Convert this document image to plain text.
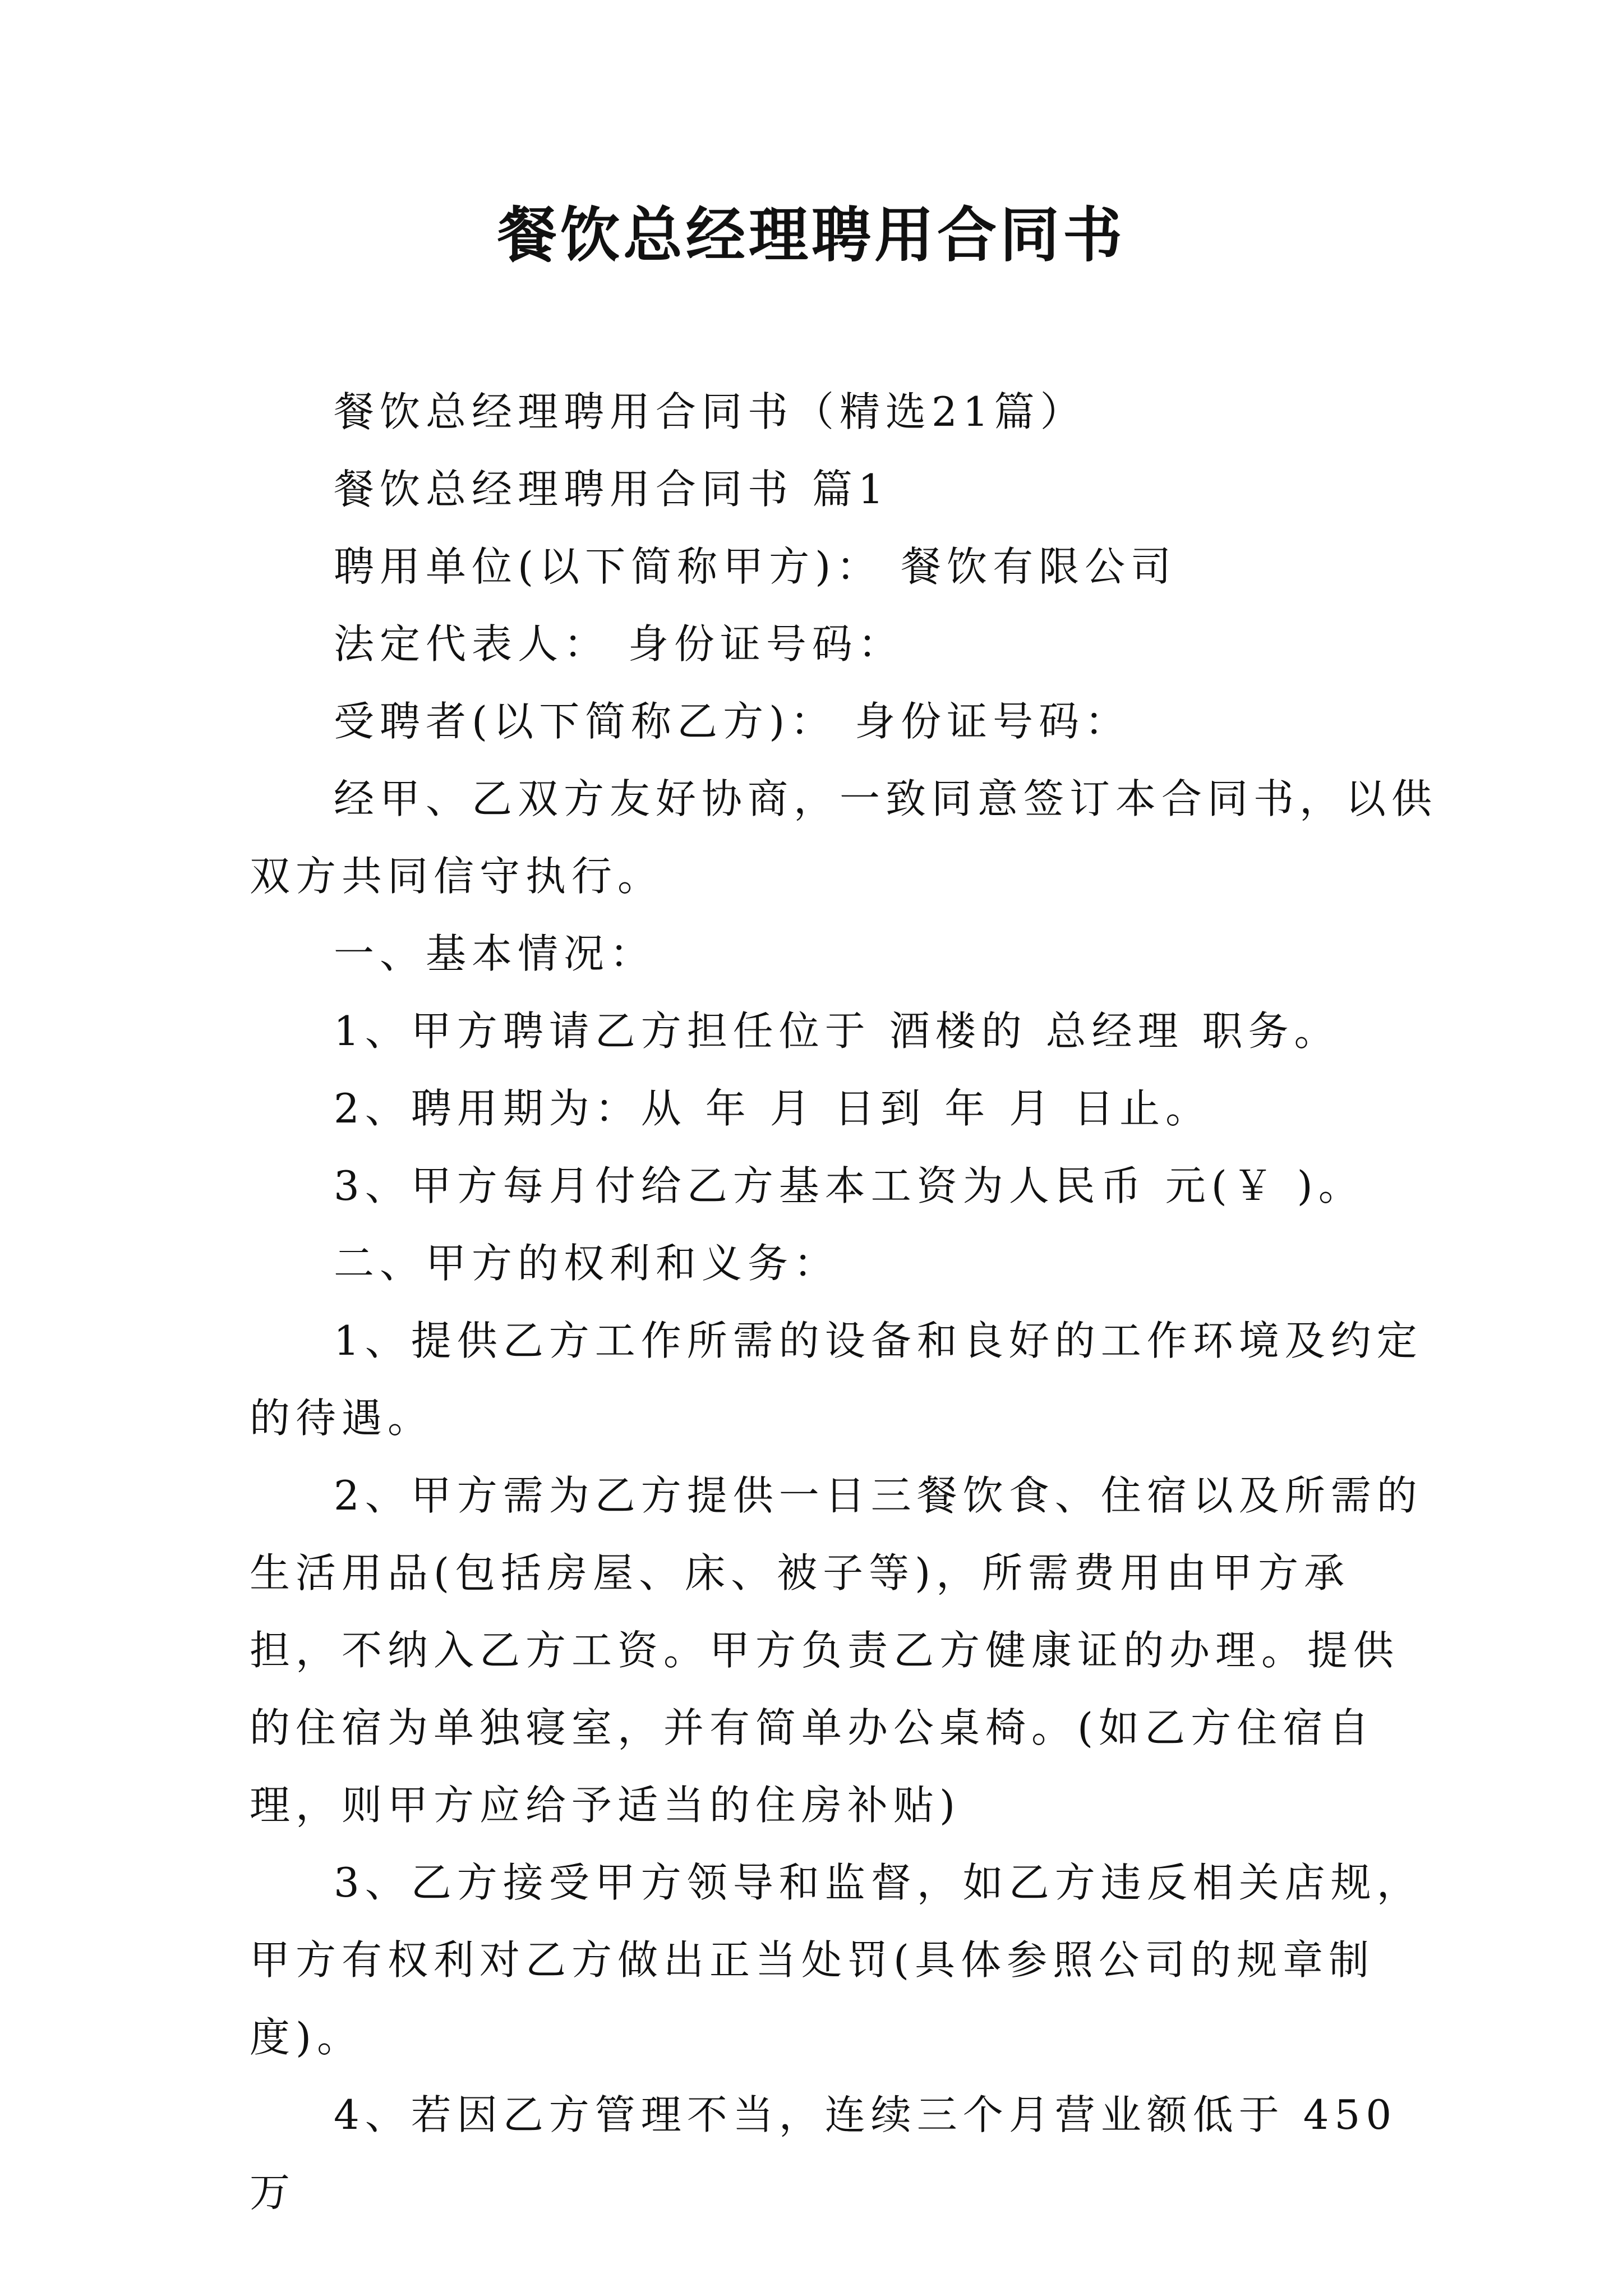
餐饮总经理聘用合同书

餐饮总经理聘用合同书（精选21篇）

餐饮总经理聘用合同书 篇1

聘用单位(以下简称甲方)： 餐饮有限公司

法定代表人： 身份证号码：

受聘者(以下简称乙方)： 身份证号码：

经甲、乙双方友好协商，一致同意签订本合同书，以供双方共同信守执行。

一、基本情况：

1、甲方聘请乙方担任位于 酒楼的 总经理 职务。

2、聘用期为：从 年 月 日到 年 月 日止。

3、甲方每月付给乙方基本工资为人民币 元(￥ )。

二、甲方的权利和义务：

1、提供乙方工作所需的设备和良好的工作环境及约定的待遇。

2、甲方需为乙方提供一日三餐饮食、住宿以及所需的生活用品(包括房屋、床、被子等)，所需费用由甲方承担，不纳入乙方工资。甲方负责乙方健康证的办理。提供的住宿为单独寝室，并有简单办公桌椅。(如乙方住宿自理，则甲方应给予适当的住房补贴)

3、乙方接受甲方领导和监督，如乙方违反相关店规，甲方有权利对乙方做出正当处罚(具体参照公司的规章制度)。

4、若因乙方管理不当，连续三个月营业额低于 450 万
